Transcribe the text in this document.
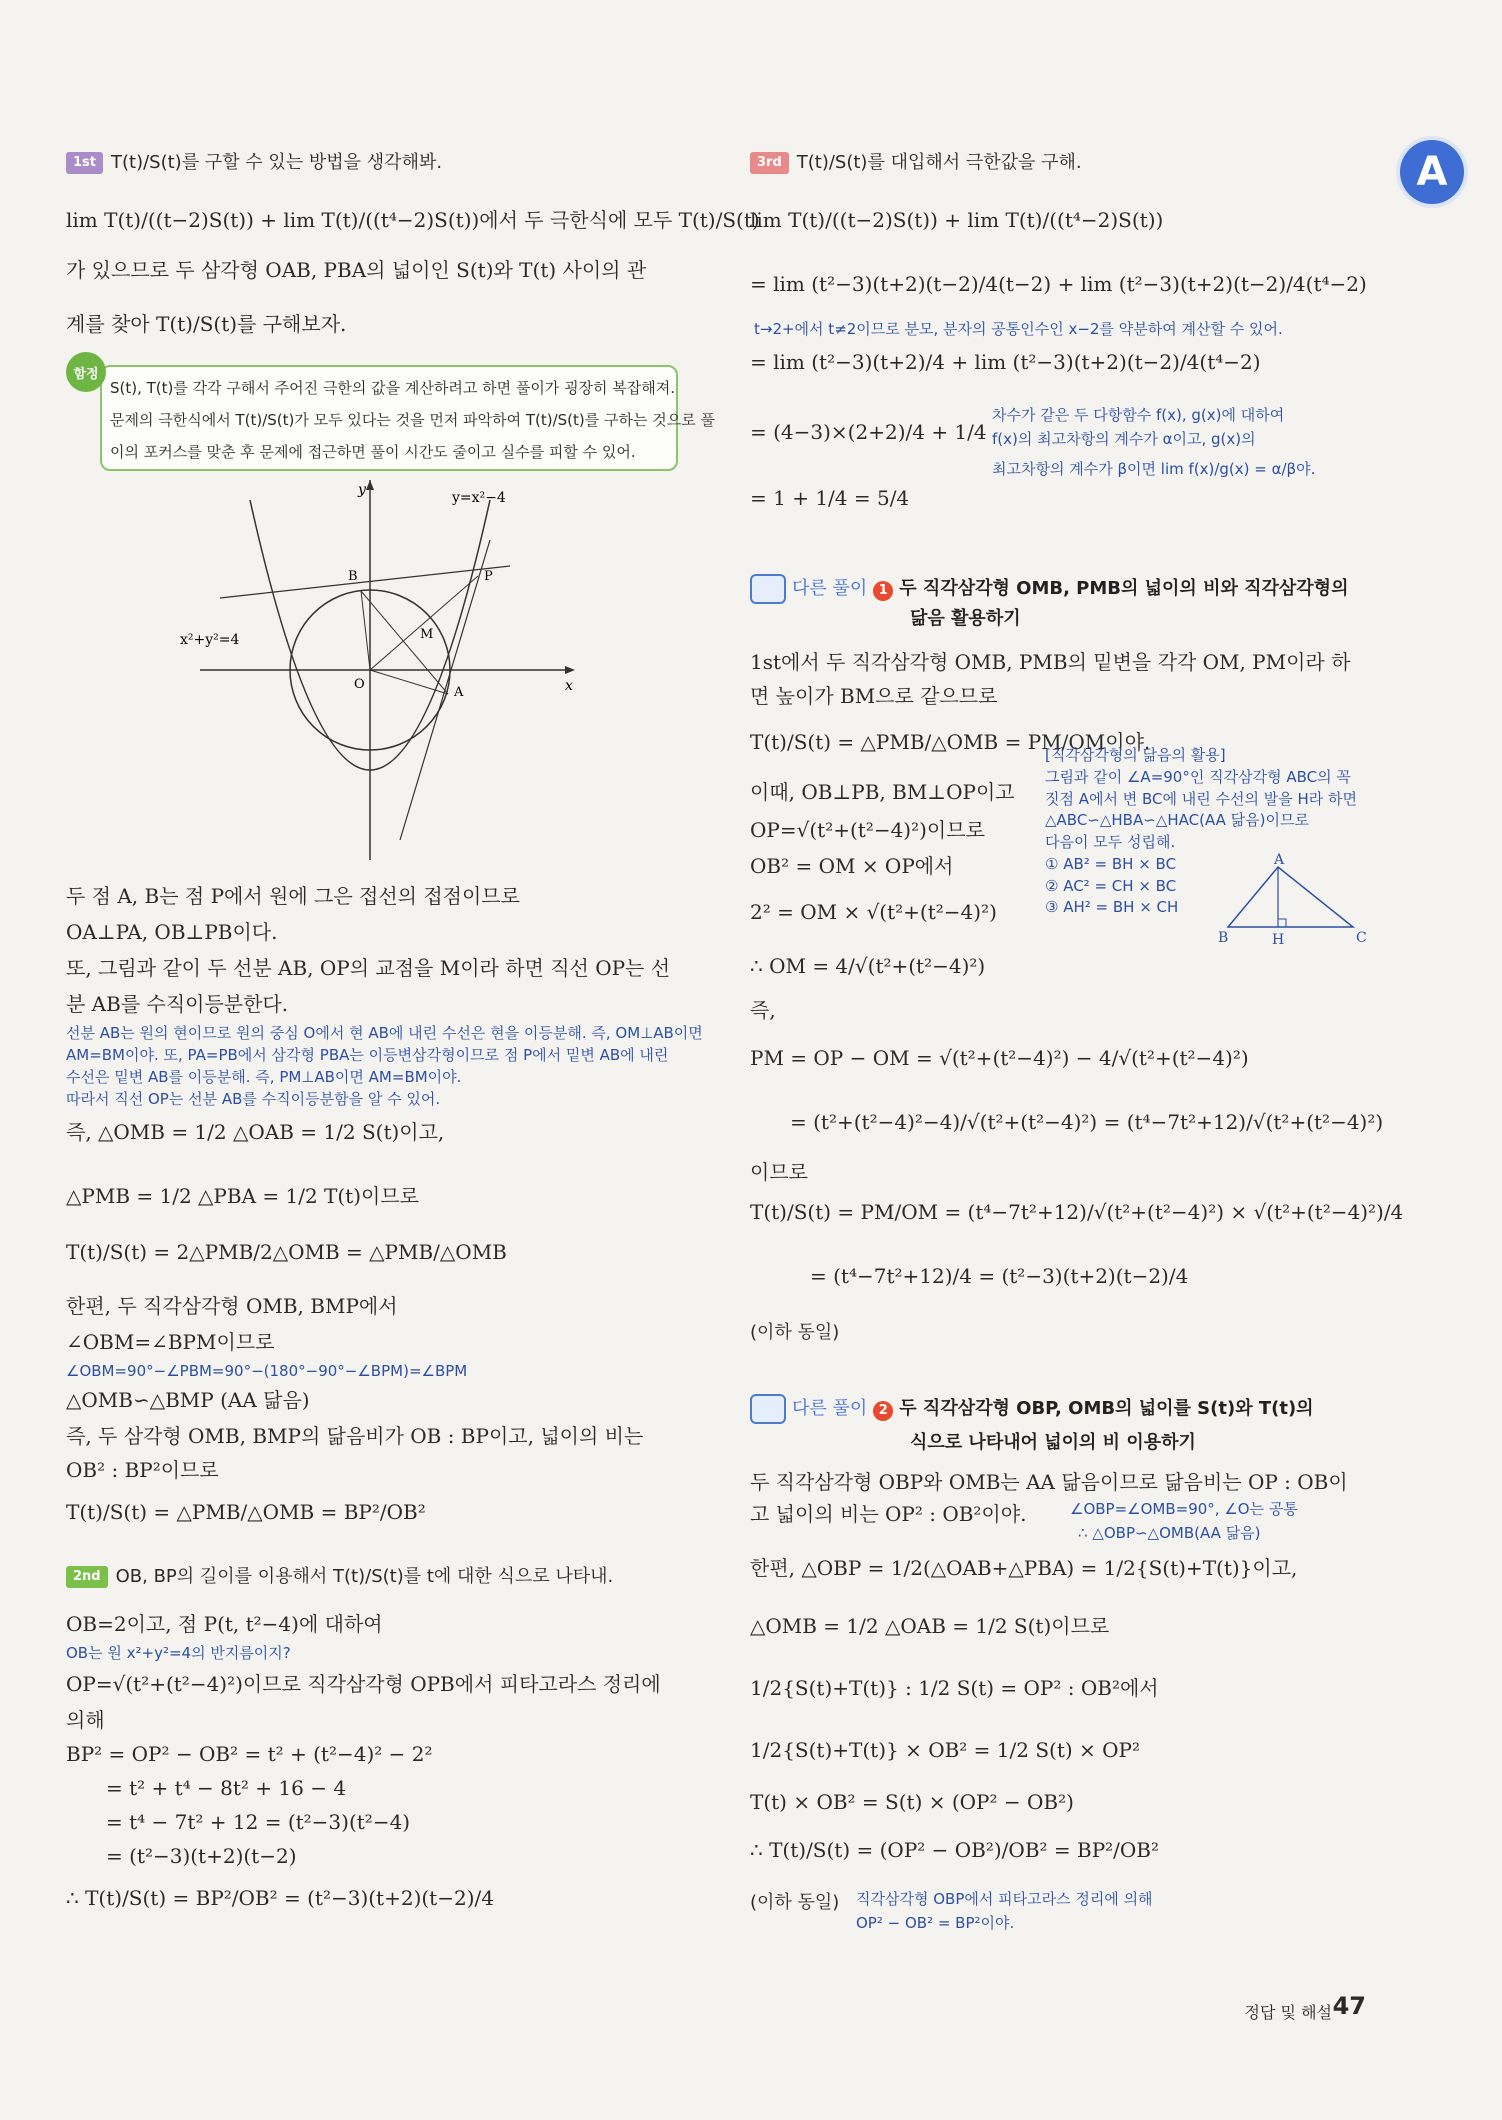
A
1st T(t)/S(t)를 구할 수 있는 방법을 생각해봐.
lim T(t)/((t−2)S(t)) + lim T(t)/((t⁴−2)S(t))에서 두 극한식에 모두 T(t)/S(t)
가 있으므로 두 삼각형 OAB, PBA의 넓이인 S(t)와 T(t) 사이의 관
계를 찾아 T(t)/S(t)를 구해보자.
S(t), T(t)를 각각 구해서 주어진 극한의 값을 계산하려고 하면 풀이가 굉장히 복잡해져.
문제의 극한식에서 T(t)/S(t)가 모두 있다는 것을 먼저 파악하여 T(t)/S(t)를 구하는 것으로 풀
이의 포커스를 맞춘 후 문제에 접근하면 풀이 시간도 줄이고 실수를 피할 수 있어.
함정
y
x
y=x²−4
x²+y²=4
O
A
B	P
M
두 점 A, B는 점 P에서 원에 그은 접선의 접점이므로
OA⊥PA, OB⊥PB이다.
또, 그림과 같이 두 선분 AB, OP의 교점을 M이라 하면 직선 OP는 선
분 AB를 수직이등분한다.
선분 AB는 원의 현이므로 원의 중심 O에서 현 AB에 내린 수선은 현을 이등분해. 즉, OM⊥AB이면
AM=BM이야. 또, PA=PB에서 삼각형 PBA는 이등변삼각형이므로 점 P에서 밑변 AB에 내린
수선은 밑변 AB를 이등분해. 즉, PM⊥AB이면 AM=BM이야.
따라서 직선 OP는 선분 AB를 수직이등분함을 알 수 있어.
즉, △OMB = 1/2 △OAB = 1/2 S(t)이고,
△PMB = 1/2 △PBA = 1/2 T(t)이므로
T(t)/S(t) = 2△PMB/2△OMB = △PMB/△OMB
한편, 두 직각삼각형 OMB, BMP에서
∠OBM=∠BPM이므로
∠OBM=90°−∠PBM=90°−(180°−90°−∠BPM)=∠BPM
△OMB∽△BMP (AA 닮음)
즉, 두 삼각형 OMB, BMP의 닮음비가 OB : BP이고, 넓이의 비는
OB² : BP²이므로
T(t)/S(t) = △PMB/△OMB = BP²/OB²
2nd OB, BP의 길이를 이용해서 T(t)/S(t)를 t에 대한 식으로 나타내.
OB=2이고, 점 P(t, t²−4)에 대하여
OB는 원 x²+y²=4의 반지름이지?
OP=√(t²+(t²−4)²)이므로 직각삼각형 OPB에서 피타고라스 정리에
의해
BP² = OP² − OB² = t² + (t²−4)² − 2²
= t² + t⁴ − 8t² + 16 − 4
= t⁴ − 7t² + 12 = (t²−3)(t²−4)
= (t²−3)(t+2)(t−2)
∴ T(t)/S(t) = BP²/OB² = (t²−3)(t+2)(t−2)/4
3rd T(t)/S(t)를 대입해서 극한값을 구해.
lim T(t)/((t−2)S(t)) + lim T(t)/((t⁴−2)S(t))
= lim (t²−3)(t+2)(t−2)/4(t−2) + lim (t²−3)(t+2)(t−2)/4(t⁴−2)
t→2+에서 t≠2이므로 분모, 분자의 공통인수인 x−2를 약분하여 계산할 수 있어.
= lim (t²−3)(t+2)/4 + lim (t²−3)(t+2)(t−2)/4(t⁴−2)
= (4−3)×(2+2)/4 + 1/4
차수가 같은 두 다항함수 f(x), g(x)에 대하여
f(x)의 최고차항의 계수가 α이고, g(x)의
최고차항의 계수가 β이면 lim f(x)/g(x) = α/β야.
= 1 + 1/4 = 5/4
다른 풀이 1 두 직각삼각형 OMB, PMB의 넓이의 비와 직각삼각형의
닮음 활용하기
1st에서 두 직각삼각형 OMB, PMB의 밑변을 각각 OM, PM이라 하
면 높이가 BM으로 같으므로
T(t)/S(t) = △PMB/△OMB = PM/OM이야.
이때, OB⊥PB, BM⊥OP이고
OP=√(t²+(t²−4)²)이므로
OB² = OM × OP에서
2² = OM × √(t²+(t²−4)²)
∴ OM = 4/√(t²+(t²−4)²)
즉,
PM = OP − OM = √(t²+(t²−4)²) − 4/√(t²+(t²−4)²)
= (t²+(t²−4)²−4)/√(t²+(t²−4)²) = (t⁴−7t²+12)/√(t²+(t²−4)²)
이므로
T(t)/S(t) = PM/OM = (t⁴−7t²+12)/√(t²+(t²−4)²) × √(t²+(t²−4)²)/4
= (t⁴−7t²+12)/4 = (t²−3)(t+2)(t−2)/4
(이하 동일)
[직각삼각형의 닮음의 활용]
그림과 같이 ∠A=90°인 직각삼각형 ABC의 꼭
짓점 A에서 변 BC에 내린 수선의 발을 H라 하면
△ABC∽△HBA∽△HAC(AA 닮음)이므로
다음이 모두 성립해.
① AB² = BH × BC
② AC² = CH × BC
③ AH² = BH × CH
A
B	C
H
다른 풀이 2 두 직각삼각형 OBP, OMB의 넓이를 S(t)와 T(t)의
식으로 나타내어 넓이의 비 이용하기
두 직각삼각형 OBP와 OMB는 AA 닮음이므로 닮음비는 OP : OB이
고 넓이의 비는 OP² : OB²이야.	∠OBP=∠OMB=90°, ∠O는 공통
∴ △OBP∽△OMB(AA 닮음)
한편, △OBP = 1/2(△OAB+△PBA) = 1/2{S(t)+T(t)}이고,
△OMB = 1/2 △OAB = 1/2 S(t)이므로
1/2{S(t)+T(t)} : 1/2 S(t) = OP² : OB²에서
1/2{S(t)+T(t)} × OB² = 1/2 S(t) × OP²
T(t) × OB² = S(t) × (OP² − OB²)
∴ T(t)/S(t) = (OP² − OB²)/OB² = BP²/OB²
(이하 동일) 직각삼각형 OBP에서 피타고라스 정리에 의해
OP² − OB² = BP²이야.
정답 및 해설 47
